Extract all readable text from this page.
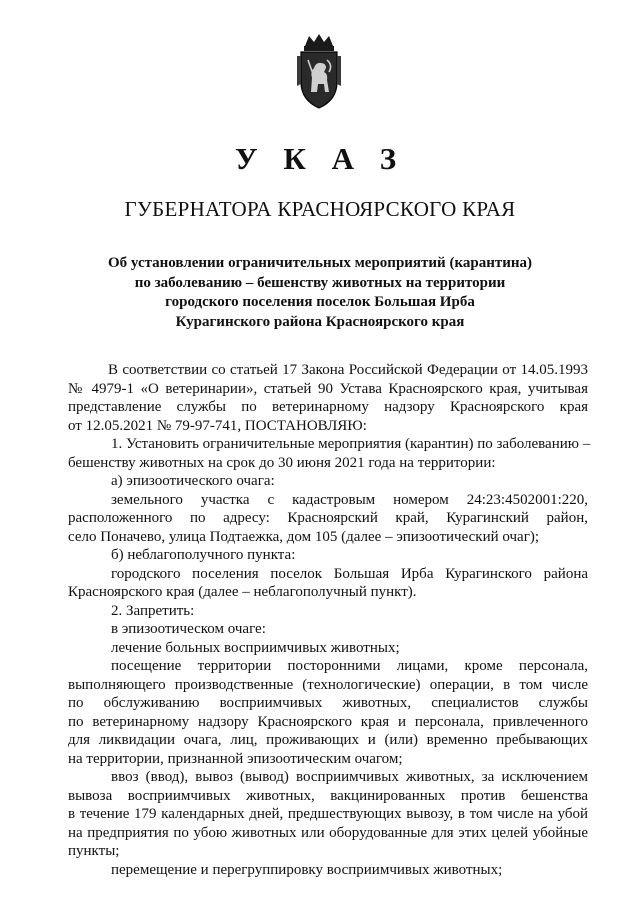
У К А З
ГУБЕРНАТОРА КРАСНОЯРСКОГО КРАЯ
Об установлении ограничительных мероприятий (карантина)
по заболеванию – бешенству животных на территории
городского поселения поселок Большая Ирба
Курагинского района Красноярского края
В соответствии со статьей 17 Закона Российской Федерации от 14.05.1993
№ 4979-1 «О ветеринарии», статьей 90 Устава Красноярского края, учитывая
представление службы по ветеринарному надзору Красноярского края
от 12.05.2021 № 79-97-741, ПОСТАНОВЛЯЮ:
1. Установить ограничительные мероприятия (карантин) по заболеванию –
бешенству животных на срок до 30 июня 2021 года на территории:
а) эпизоотического очага:
земельного участка с кадастровым номером 24:23:4502001:220,
расположенного по адресу: Красноярский край, Курагинский район,
село Поначево, улица Подтаежка, дом 105 (далее – эпизоотический очаг);
б) неблагополучного пункта:
городского поселения поселок Большая Ирба Курагинского района
Красноярского края (далее – неблагополучный пункт).
2. Запретить:
в эпизоотическом очаге:
лечение больных восприимчивых животных;
посещение территории посторонними лицами, кроме персонала,
выполняющего производственные (технологические) операции, в том числе
по обслуживанию восприимчивых животных, специалистов службы
по ветеринарному надзору Красноярского края и персонала, привлеченного
для ликвидации очага, лиц, проживающих и (или) временно пребывающих
на территории, признанной эпизоотическим очагом;
ввоз (ввод), вывоз (вывод) восприимчивых животных, за исключением
вывоза восприимчивых животных, вакцинированных против бешенства
в течение 179 календарных дней, предшествующих вывозу, в том числе на убой
на предприятия по убою животных или оборудованные для этих целей убойные
пункты;
перемещение и перегруппировку восприимчивых животных;
